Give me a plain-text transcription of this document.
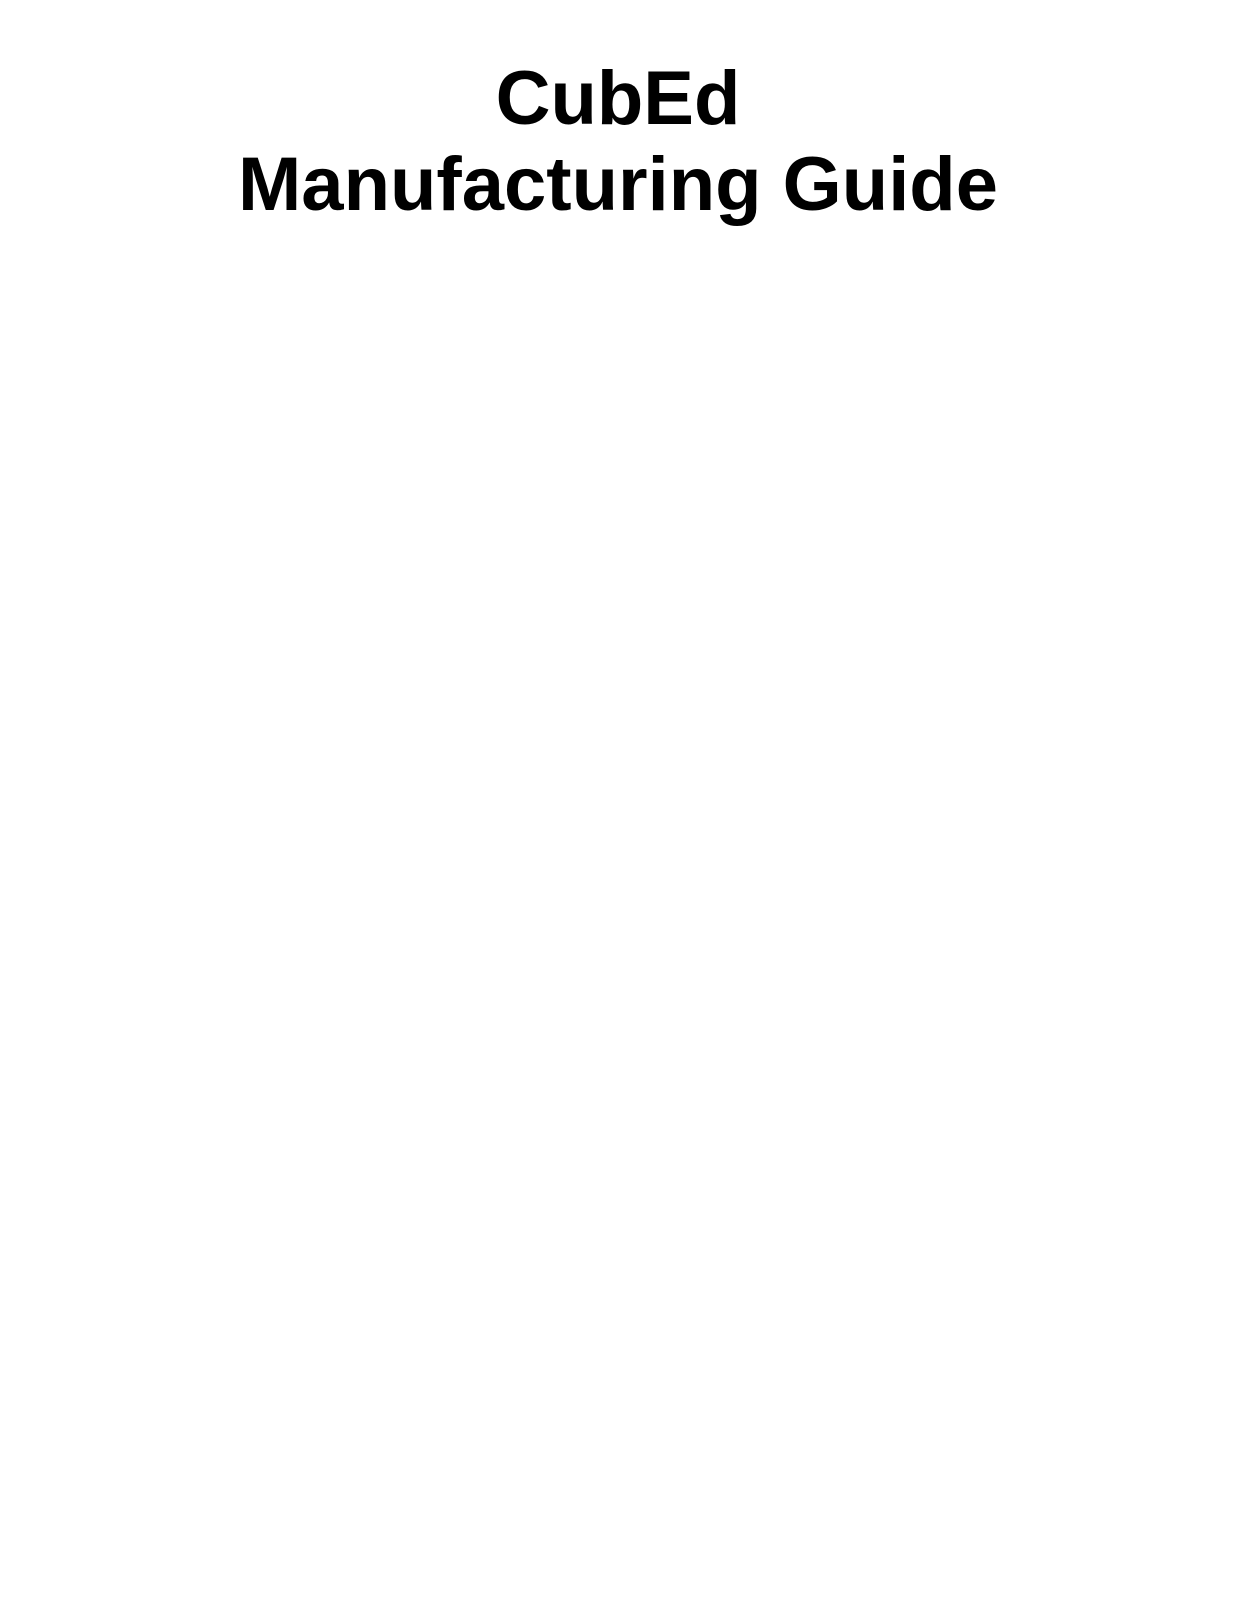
CubEd
Manufacturing Guide
